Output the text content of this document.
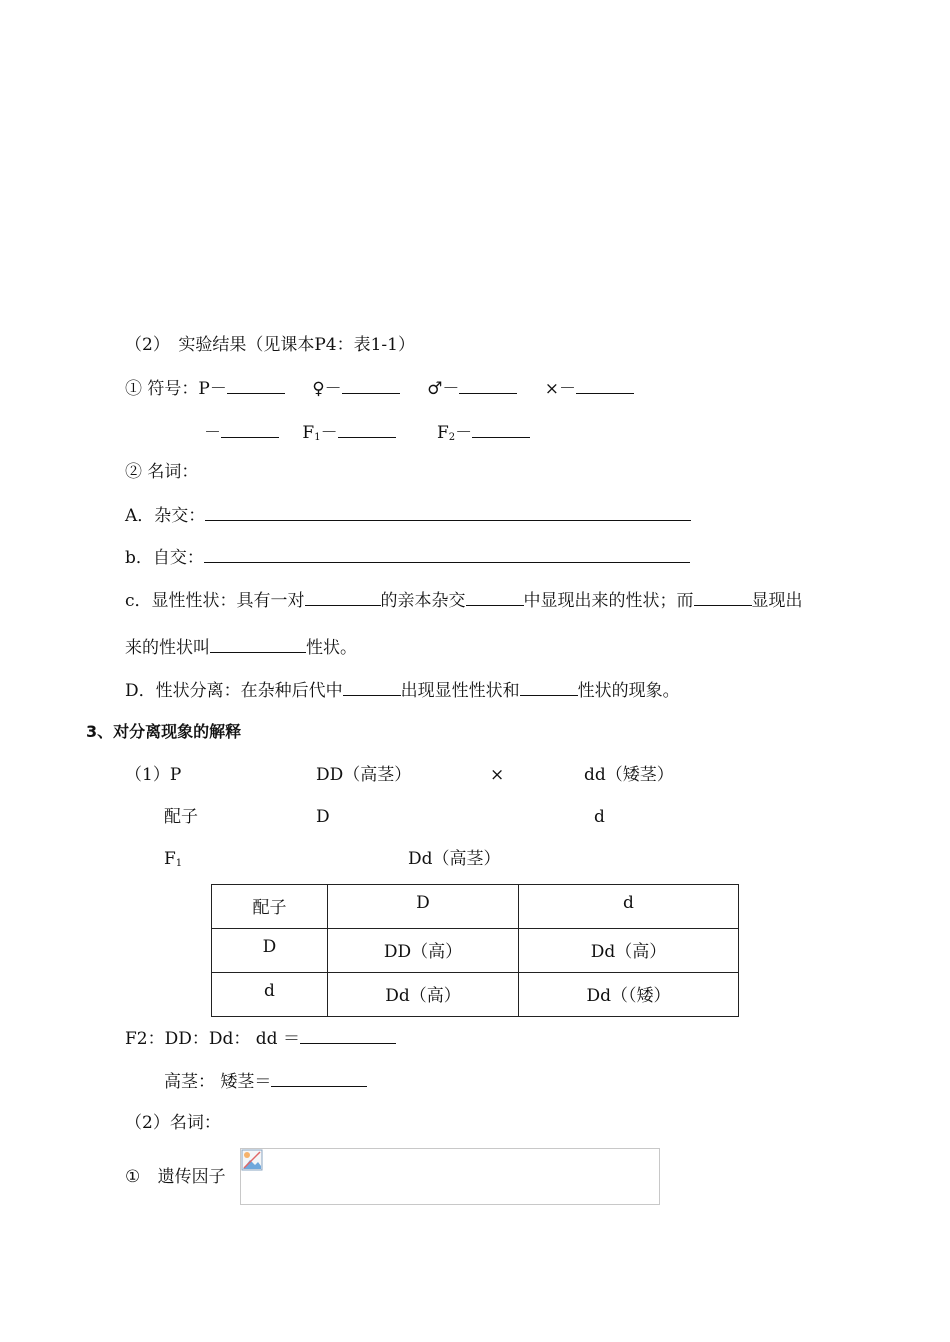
（2）　实验结果（见课本P4：表1-1）
① 符号：P－	♀－	♂－	×－
－	$F_1-$	$F_2-$
② 名词：
A．杂交：
b．自交：
c．显性性状：具有一对	的亲本杂交	中显现出来的性状；而	显现出
来的性状叫	性状。
D．性状分离：在杂种后代中	出现显性性状和	性状的现象。
3、对分离现象的解释
（1）P	DD（高茎）	×	dd（矮茎）
配子	D	d
$F_1$	Dd（高茎）
配子	D	d
D	DD（高）	Dd（高）
d	Dd（高）	Dd（（矮）
F2：DD：Dd： dd ＝
高茎： 矮茎＝
（2）名词：
① 遗传因子
